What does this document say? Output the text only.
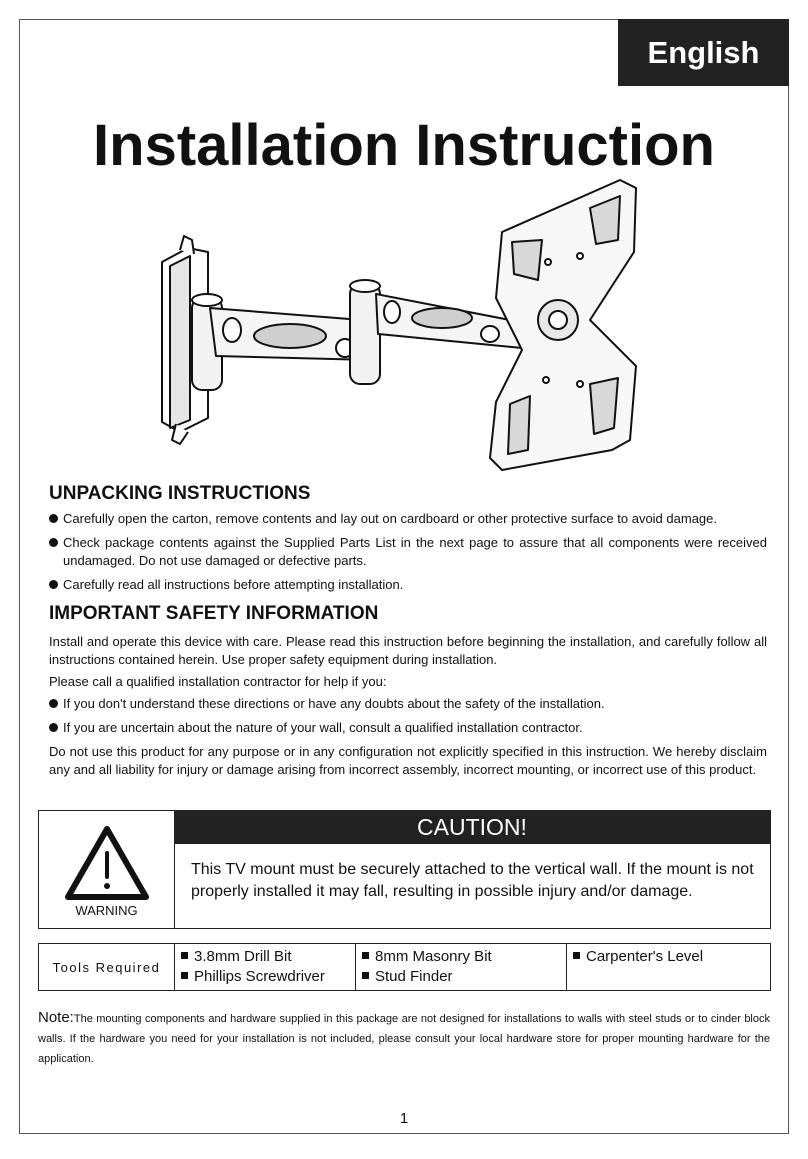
English
Installation Instruction
UNPACKING INSTRUCTIONS
Carefully open the carton, remove contents and lay out on cardboard or other protective surface to avoid damage.
Check package contents against the Supplied Parts List in the next page to assure that all components were received undamaged. Do not use damaged or defective parts.
Carefully read all instructions before attempting installation.
IMPORTANT SAFETY INFORMATION

Install and operate this device with care. Please read this instruction before beginning the installation, and carefully follow all instructions contained herein. Use proper safety equipment during installation.

Please call a qualified installation contractor for help if you:

If you don't understand these directions or have any doubts about the safety of the installation.
If you are uncertain about the nature of your wall, consult a qualified installation contractor.

Do not use this product for any purpose or in any configuration not explicitly specified in this instruction. We hereby disclaim any and all liability for injury or damage arising from incorrect assembly, incorrect mounting, or incorrect use of this product.

WARNING
CAUTION!

This TV mount must be securely attached to the vertical wall. If the mount is not properly installed it may fall, resulting in possible injury and/or damage.

Tools Required
3.8mm Drill Bit
Phillips Screwdriver
8mm Masonry Bit
Stud Finder
Carpenter's Level

Note:The mounting components and hardware supplied in this package are not designed for installations to walls with steel studs or to cinder block walls. If the hardware you need for your installation is not included, please consult your local hardware store for proper mounting hardware for the application.

1
